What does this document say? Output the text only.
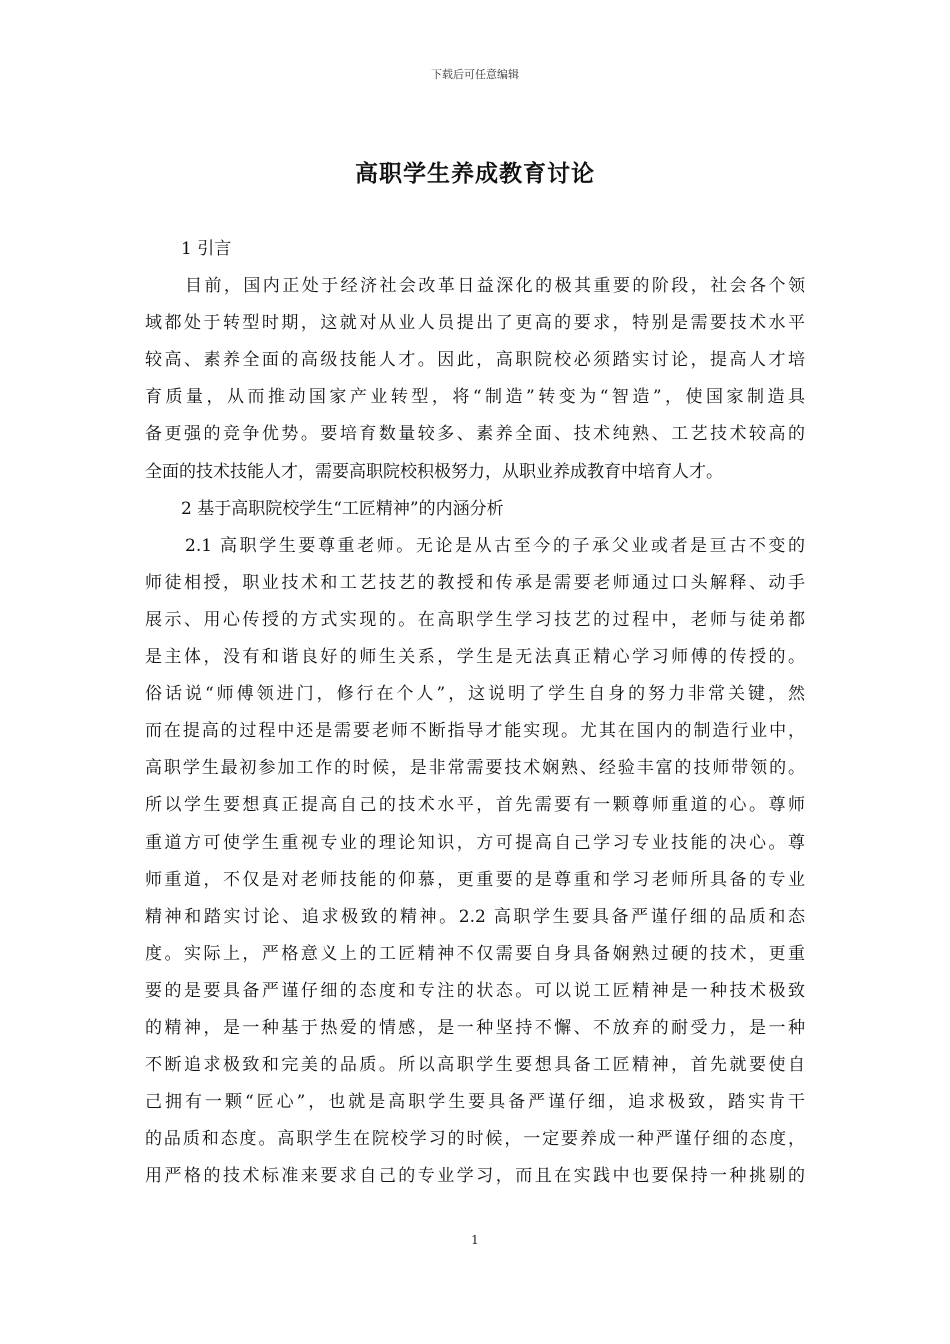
下载后可任意编辑
高职学生养成教育讨论
1 引言
目前，国内正处于经济社会改革日益深化的极其重要的阶段，社会各个领
域都处于转型时期，这就对从业人员提出了更高的要求，特别是需要技术水平
较高、素养全面的高级技能人才。因此，高职院校必须踏实讨论，提高人才培
育质量，从而推动国家产业转型，将“制造”转变为“智造”，使国家制造具
备更强的竞争优势。要培育数量较多、素养全面、技术纯熟、工艺技术较高的
全面的技术技能人才，需要高职院校积极努力，从职业养成教育中培育人才。
2 基于高职院校学生“工匠精神”的内涵分析
2.1 高职学生要尊重老师。无论是从古至今的子承父业或者是亘古不变的
师徒相授，职业技术和工艺技艺的教授和传承是需要老师通过口头解释、动手
展示、用心传授的方式实现的。在高职学生学习技艺的过程中，老师与徒弟都
是主体，没有和谐良好的师生关系，学生是无法真正精心学习师傅的传授的。
俗话说“师傅领进门，修行在个人”，这说明了学生自身的努力非常关键，然
而在提高的过程中还是需要老师不断指导才能实现。尤其在国内的制造行业中，
高职学生最初参加工作的时候，是非常需要技术娴熟、经验丰富的技师带领的。
所以学生要想真正提高自己的技术水平，首先需要有一颗尊师重道的心。尊师
重道方可使学生重视专业的理论知识，方可提高自己学习专业技能的决心。尊
师重道，不仅是对老师技能的仰慕，更重要的是尊重和学习老师所具备的专业
精神和踏实讨论、追求极致的精神。2.2 高职学生要具备严谨仔细的品质和态
度。实际上，严格意义上的工匠精神不仅需要自身具备娴熟过硬的技术，更重
要的是要具备严谨仔细的态度和专注的状态。可以说工匠精神是一种技术极致
的精神，是一种基于热爱的情感，是一种坚持不懈、不放弃的耐受力，是一种
不断追求极致和完美的品质。所以高职学生要想具备工匠精神，首先就要使自
己拥有一颗“匠心”，也就是高职学生要具备严谨仔细，追求极致，踏实肯干
的品质和态度。高职学生在院校学习的时候，一定要养成一种严谨仔细的态度，
用严格的技术标准来要求自己的专业学习，而且在实践中也要保持一种挑剔的
1
